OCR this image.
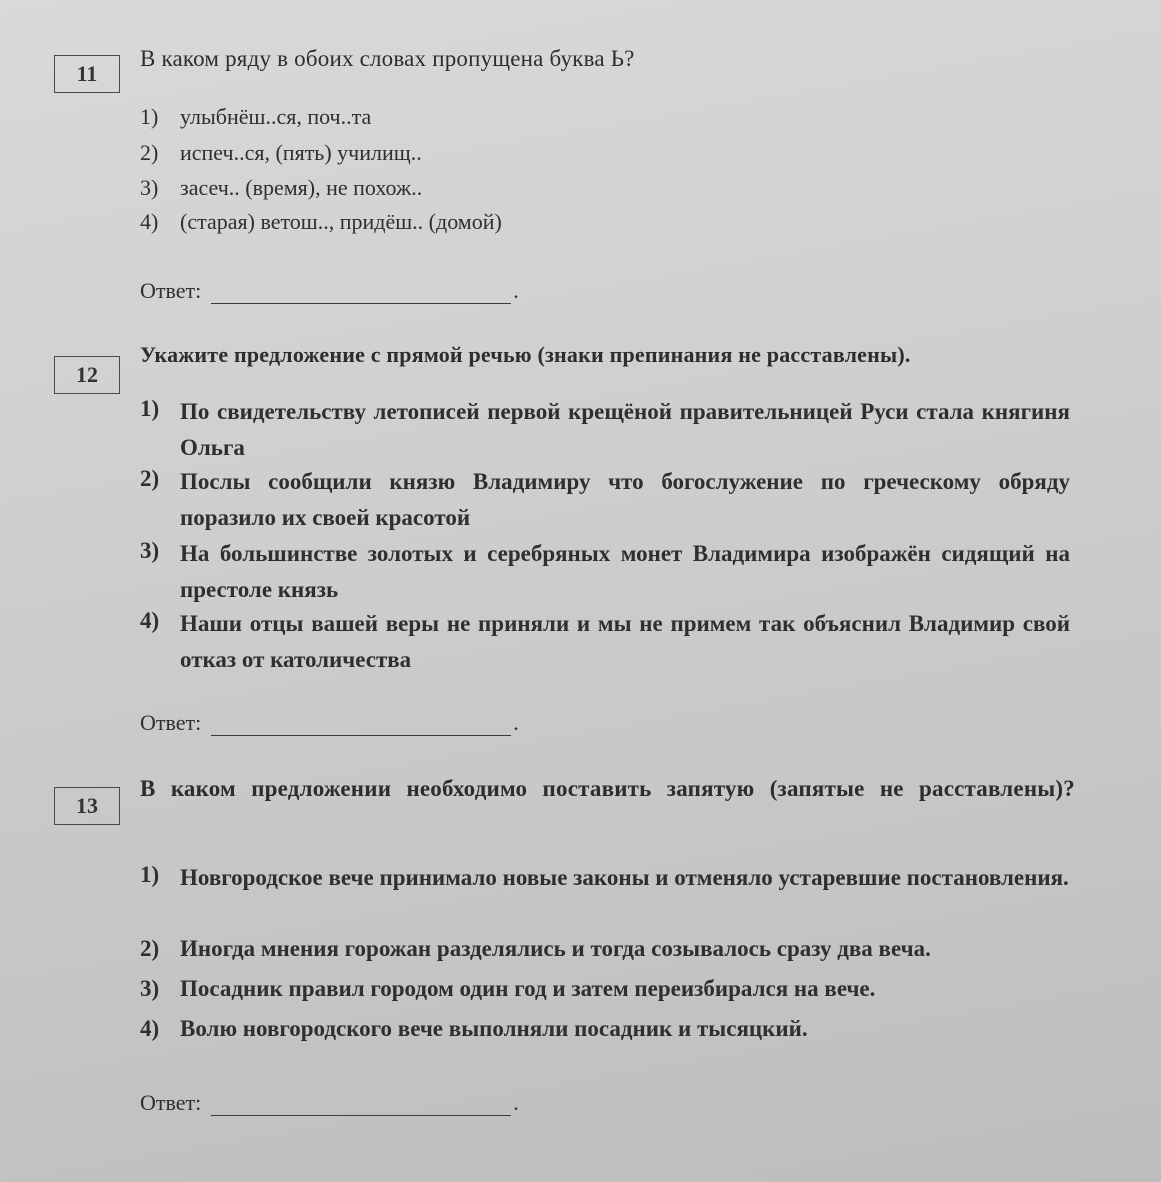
11
В каком ряду в обоих словах пропущена буква Ь?
1) улыбнёш..ся, поч..та
2) испеч..ся, (пять) училищ..
3) засеч.. (время), не похож..
4) (старая) ветош.., придёш.. (домой)
Ответ:	.
12
Укажите предложение с прямой речью (знаки препинания не расставлены).
1) По свидетельству летописей первой крещёной правительницей Руси стала княгиня Ольга
2) Послы сообщили князю Владимиру что богослужение по греческому обряду поразило их своей красотой
3) На большинстве золотых и серебряных монет Владимира изображён сидящий на престоле князь
4) Наши отцы вашей веры не приняли и мы не примем так объяснил Владимир свой отказ от католичества
Ответ:	.
13
В каком предложении необходимо поставить запятую (запятые не расставлены)?
1) Новгородское вече принимало новые законы и отменяло устаревшие постановления.
2) Иногда мнения горожан разделялись и тогда созывалось сразу два веча.
3) Посадник правил городом один год и затем переизбирался на вече.
4) Волю новгородского вече выполняли посадник и тысяцкий.
Ответ:	.
